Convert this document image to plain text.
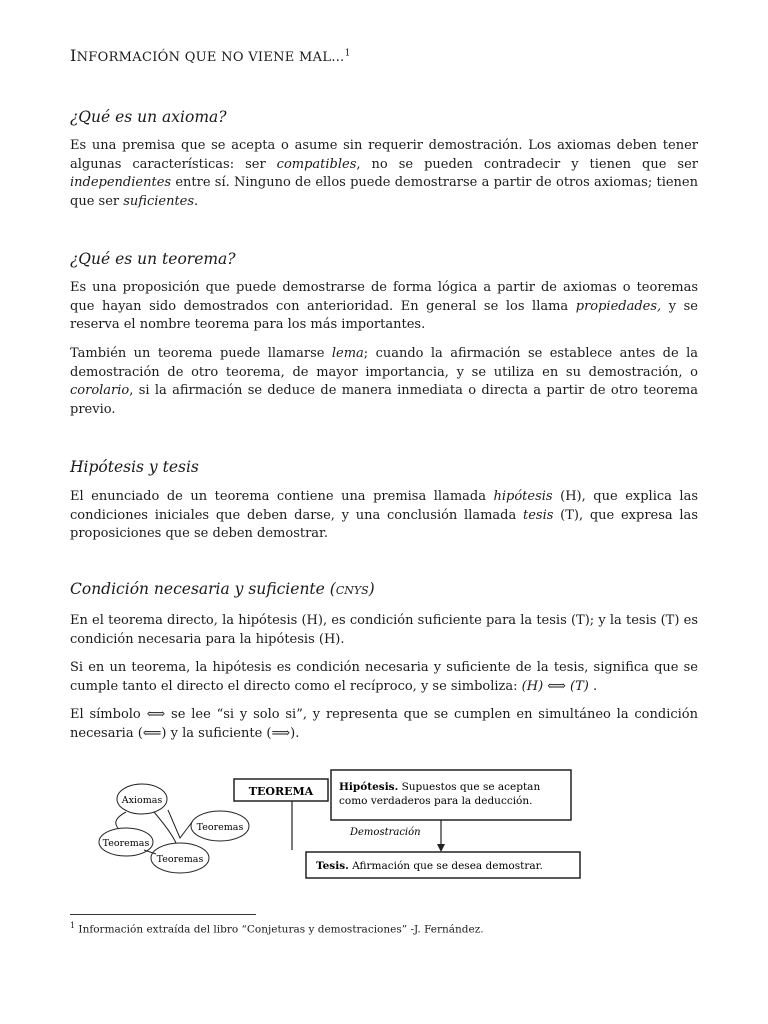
INFORMACIÓN QUE NO VIENE MAL…$^1$
¿Qué es un axioma?

Es una premisa que se acepta o asume sin requerir demostración. Los axiomas deben tener algunas características: ser compatibles, no se pueden contradecir y tienen que ser independientes entre sí. Ninguno de ellos puede demostrarse a partir de otros axiomas; tienen que ser suficientes.

¿Qué es un teorema?

Es una proposición que puede demostrarse de forma lógica a partir de axiomas o teoremas que hayan sido demostrados con anterioridad. En general se los llama propiedades, y se reserva el nombre teorema para los más importantes.

También un teorema puede llamarse lema; cuando la afirmación se establece antes de la demostración de otro teorema, de mayor importancia, y se utiliza en su demostración, o corolario, si la afirmación se deduce de manera inmediata o directa a partir de otro teorema previo.

Hipótesis y tesis

El enunciado de un teorema contiene una premisa llamada hipótesis (H), que explica las condiciones iniciales que deben darse, y una conclusión llamada tesis (T), que expresa las proposiciones que se deben demostrar.

Condición necesaria y suficiente (cnys)

En el teorema directo, la hipótesis (H), es condición suficiente para la tesis (T); y la tesis (T) es condición necesaria para la hipótesis (H).

Si en un teorema, la hipótesis es condición necesaria y suficiente de la tesis, significa que se cumple tanto el directo el directo como el recíproco, y se simboliza: (H) ⟺ (T) .

El símbolo ⟺ se lee “si y solo si”, y representa que se cumplen en simultáneo la condición necesaria (⟸) y la suficiente (⟹).

Axiomas
Teoremas
Teoremas
Teoremas
TEOREMA Hipótesis. Supuestos que se aceptan
como verdaderos para la deducción.
Demostración
Tesis. Afirmación que se desea demostrar.
$^1$ Información extraída del libro “Conjeturas y demostraciones” -J. Fernández.
